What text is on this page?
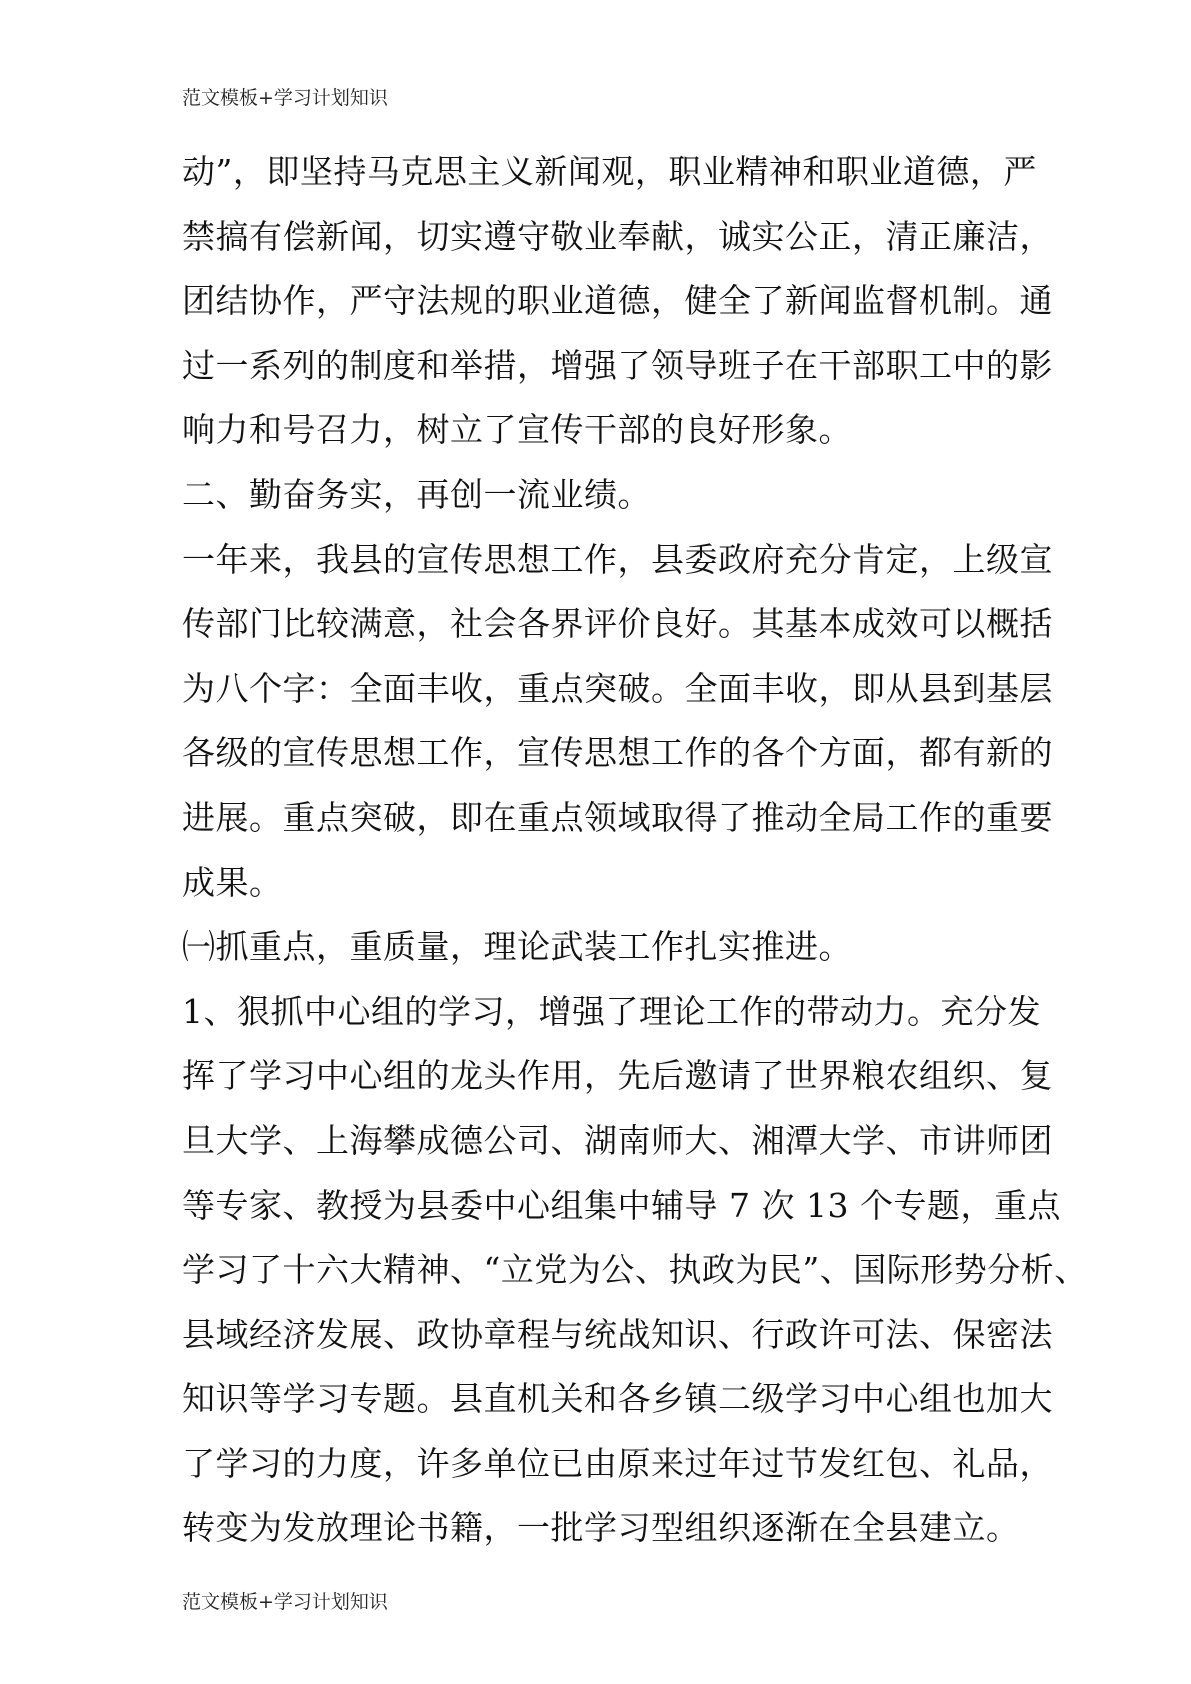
范文模板+学习计划知识
动”，即坚持马克思主义新闻观，职业精神和职业道德，严
禁搞有偿新闻，切实遵守敬业奉献，诚实公正，清正廉洁，
团结协作，严守法规的职业道德，健全了新闻监督机制。通
过一系列的制度和举措，增强了领导班子在干部职工中的影
响力和号召力，树立了宣传干部的良好形象。
二、勤奋务实，再创一流业绩。
一年来，我县的宣传思想工作，县委政府充分肯定，上级宣
传部门比较满意，社会各界评价良好。其基本成效可以概括
为八个字：全面丰收，重点突破。全面丰收，即从县到基层
各级的宣传思想工作，宣传思想工作的各个方面，都有新的
进展。重点突破，即在重点领域取得了推动全局工作的重要
成果。
㈠抓重点，重质量，理论武装工作扎实推进。
1、狠抓中心组的学习，增强了理论工作的带动力。充分发
挥了学习中心组的龙头作用，先后邀请了世界粮农组织、复
旦大学、上海攀成德公司、湖南师大、湘潭大学、市讲师团
等专家、教授为县委中心组集中辅导 7 次 13 个专题，重点
学习了十六大精神、“立党为公、执政为民”、国际形势分析、
县域经济发展、政协章程与统战知识、行政许可法、保密法
知识等学习专题。县直机关和各乡镇二级学习中心组也加大
了学习的力度，许多单位已由原来过年过节发红包、礼品，
转变为发放理论书籍，一批学习型组织逐渐在全县建立。
范文模板+学习计划知识
